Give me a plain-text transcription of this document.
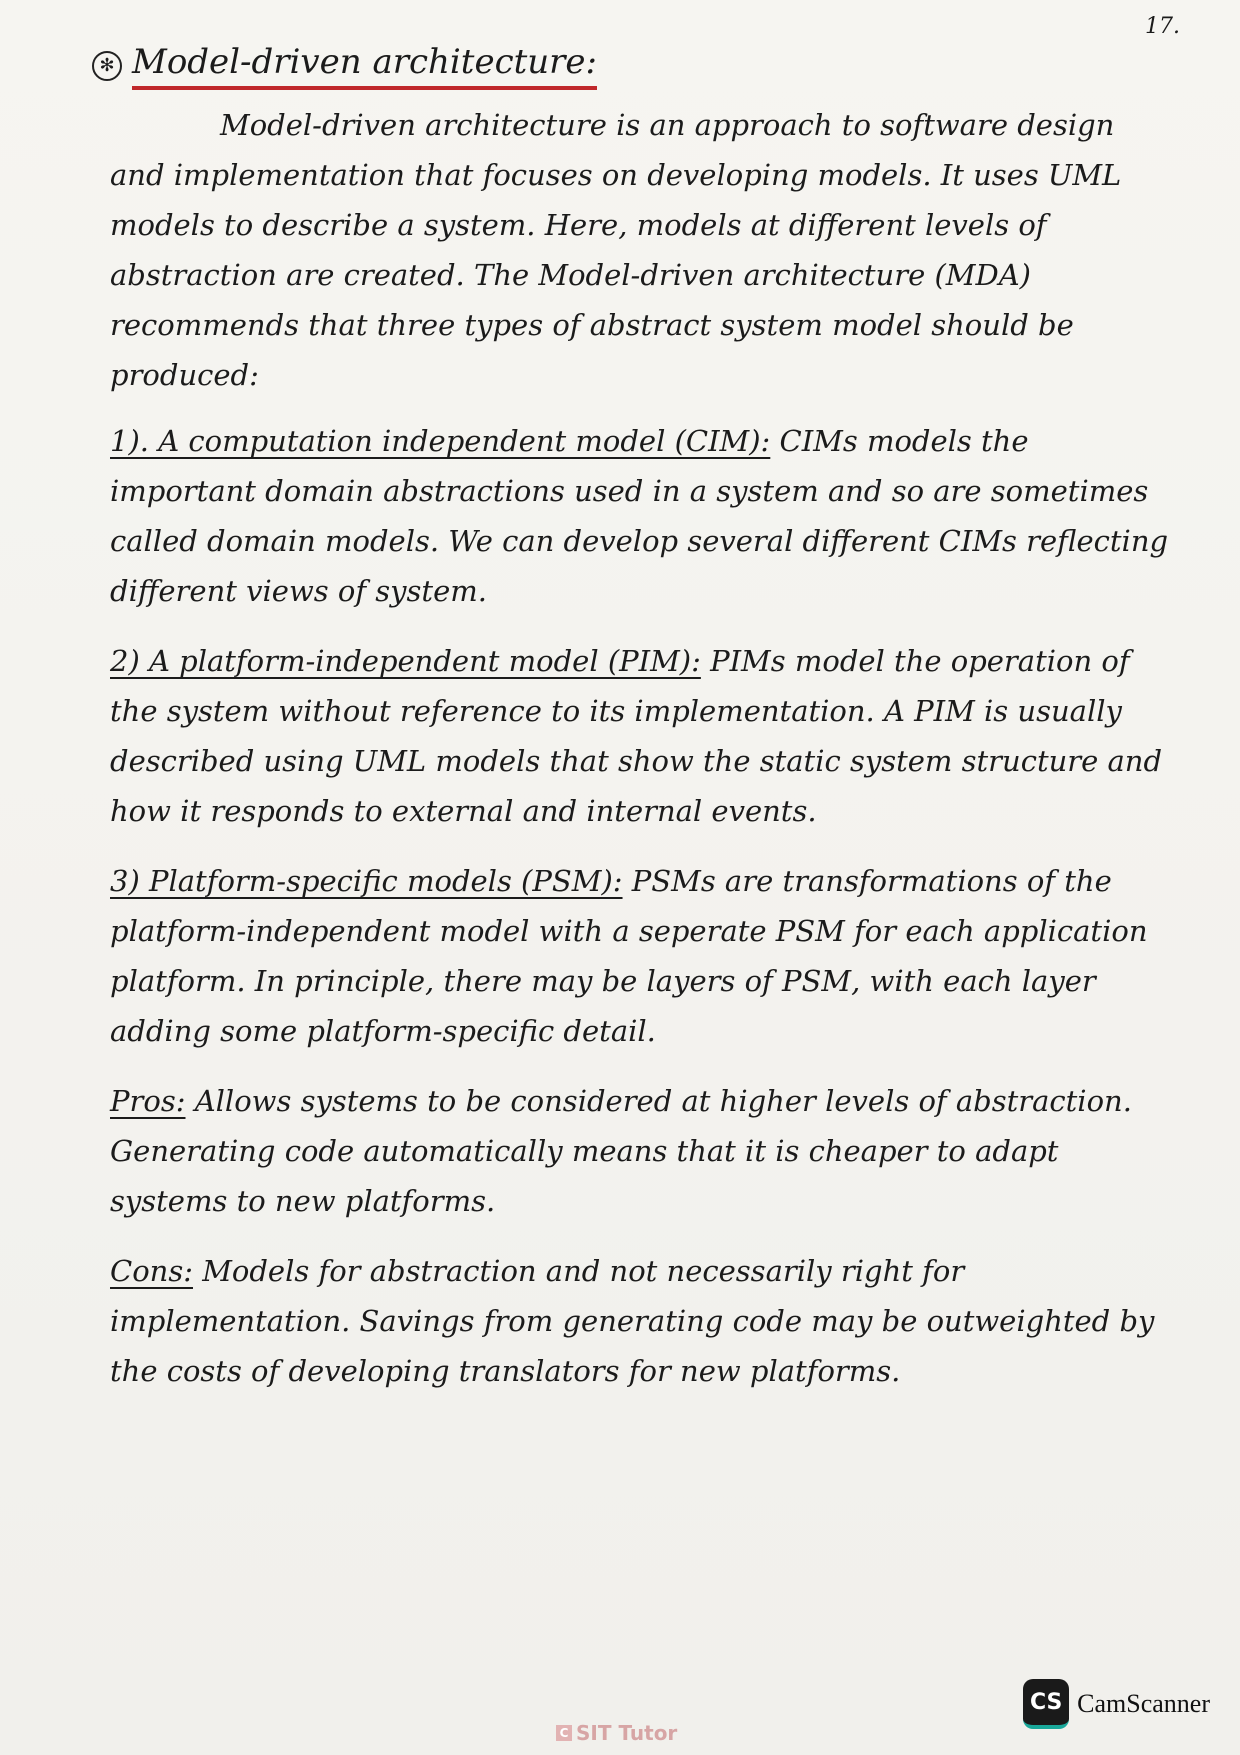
17.
✻ Model-driven architecture:

Model-driven architecture is an approach to software design and implementation that focuses on developing models. It uses UML models to describe a system. Here, models at different levels of abstraction are created. The Model-driven architecture (MDA) recommends that three types of abstract system model should be produced:

1). A computation independent model (CIM): CIMs models the important domain abstractions used in a system and so are sometimes called domain models. We can develop several different CIMs reflecting different views of system.

2) A platform-independent model (PIM): PIMs model the operation of the system without reference to its implementation. A PIM is usually described using UML models that show the static system structure and how it responds to external and internal events.

3) Platform-specific models (PSM): PSMs are transformations of the platform-independent model with a seperate PSM for each application platform. In principle, there may be layers of PSM, with each layer adding some platform-specific detail.

Pros: Allows systems to be considered at higher levels of abstraction. Generating code automatically means that it is cheaper to adapt systems to new platforms.

Cons: Models for abstraction and not necessarily right for implementation. Savings from generating code may be outweighted by the costs of developing translators for new platforms.

C SIT Tutor
CS CamScanner
